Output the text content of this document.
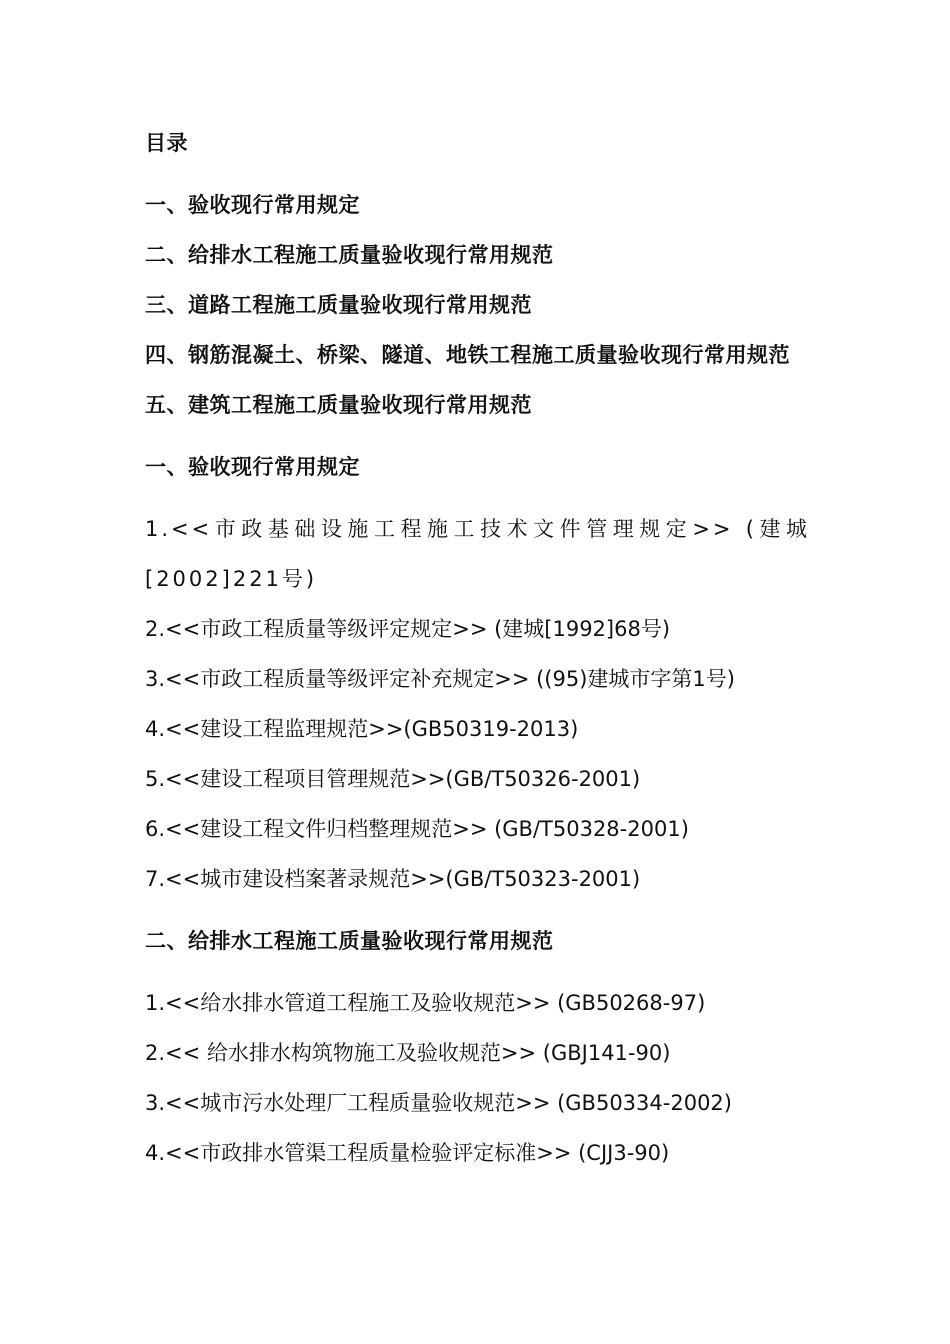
目录

一、验收现行常用规定
二、给排水工程施工质量验收现行常用规范
三、道路工程施工质量验收现行常用规范
四、钢筋混凝土、桥梁、隧道、地铁工程施工质量验收现行常用规范
五、建筑工程施工质量验收现行常用规范

一、验收现行常用规定

1.<<市政基础设施工程施工技术文件管理规定>> (建城[2002]221号)
2.<<市政工程质量等级评定规定>> (建城[1992]68号)
3.<<市政工程质量等级评定补充规定>> ((95)建城市字第1号)
4.<<建设工程监理规范>>(GB50319-2013)
5.<<建设工程项目管理规范>>(GB/T50326-2001)
6.<<建设工程文件归档整理规范>> (GB/T50328-2001)
7.<<城市建设档案著录规范>>(GB/T50323-2001)

二、给排水工程施工质量验收现行常用规范

1.<<给水排水管道工程施工及验收规范>> (GB50268-97)
2.<< 给水排水构筑物施工及验收规范>> (GBJ141-90)
3.<<城市污水处理厂工程质量验收规范>> (GB50334-2002)
4.<<市政排水管渠工程质量检验评定标准>> (CJJ3-90)
